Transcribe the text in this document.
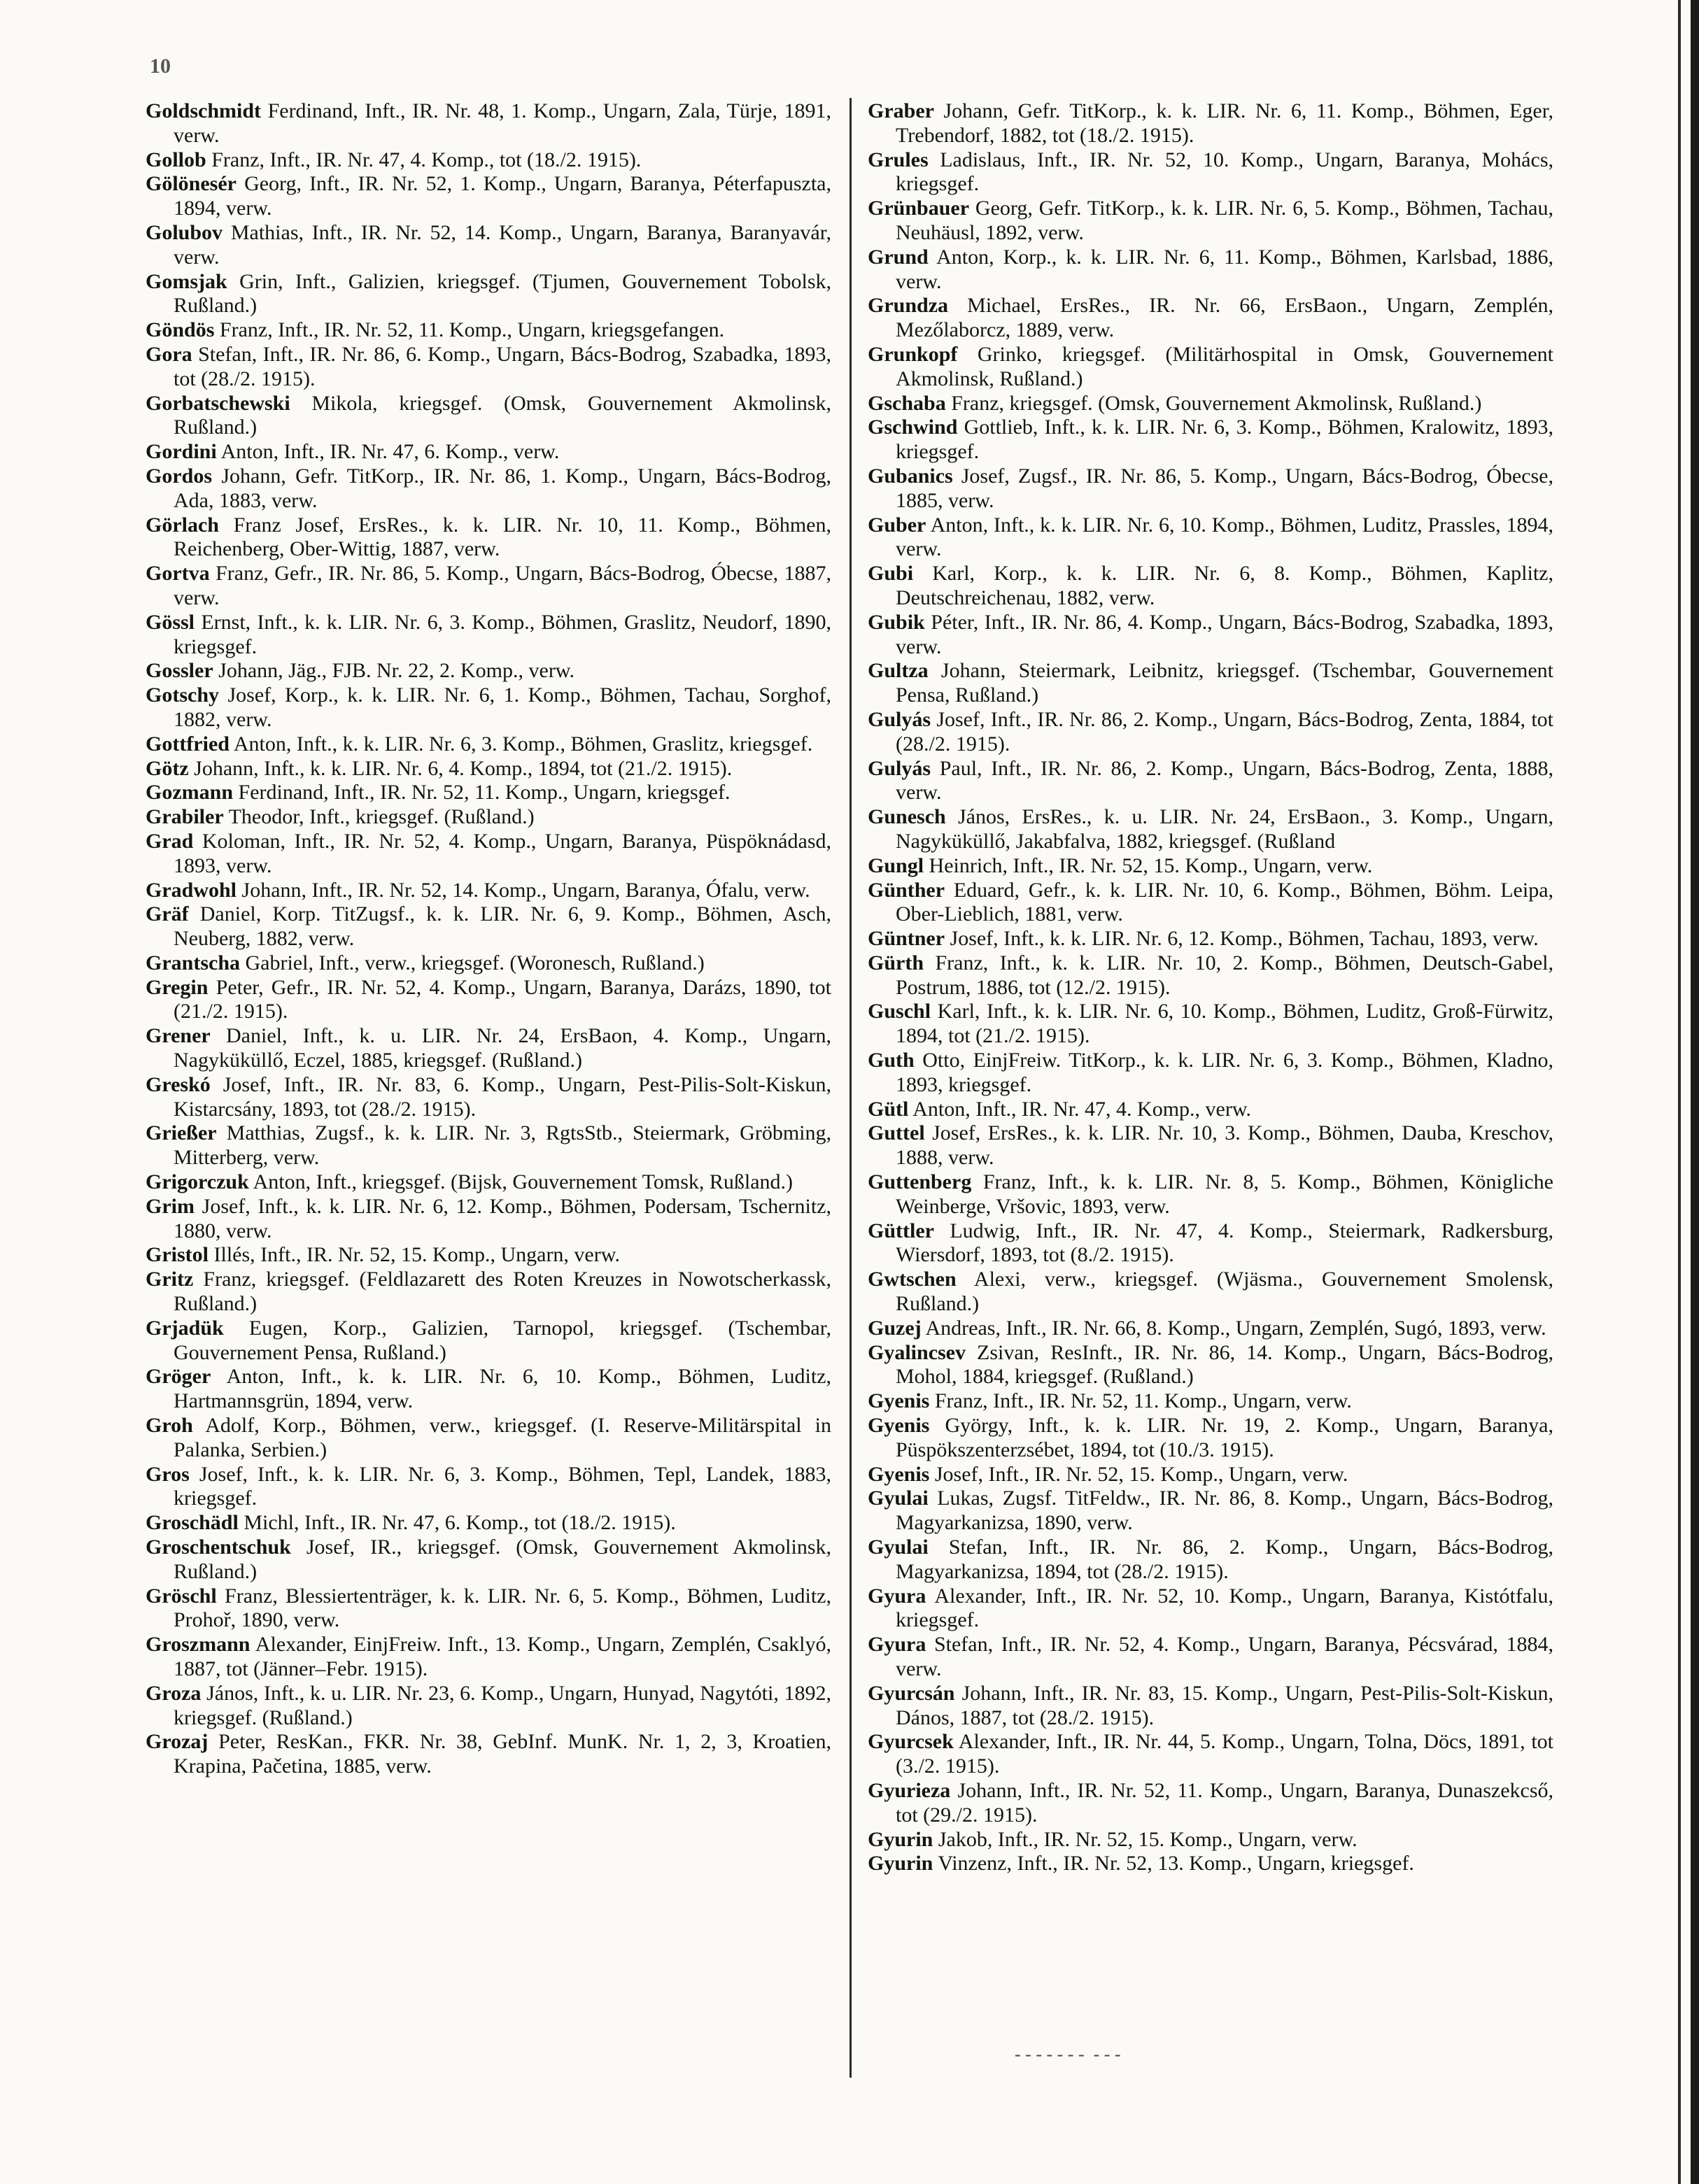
10

Goldschmidt Ferdinand, Inft., IR. Nr. 48, 1. Komp., Ungarn, Zala, Türje, 1891, verw.

Gollob Franz, Inft., IR. Nr. 47, 4. Komp., tot (18./2. 1915).

Gölönesér Georg, Inft., IR. Nr. 52, 1. Komp., Ungarn, Baranya, Péterfapuszta, 1894, verw.

Golubov Mathias, Inft., IR. Nr. 52, 14. Komp., Ungarn, Baranya, Baranyavár, verw.

Gomsjak Grin, Inft., Galizien, kriegsgef. (Tjumen, Gouvernement Tobolsk, Rußland.)

Göndös Franz, Inft., IR. Nr. 52, 11. Komp., Ungarn, kriegsgefangen.

Gora Stefan, Inft., IR. Nr. 86, 6. Komp., Ungarn, Bács-Bodrog, Szabadka, 1893, tot (28./2. 1915).

Gorbatschewski Mikola, kriegsgef. (Omsk, Gouvernement Akmolinsk, Rußland.)

Gordini Anton, Inft., IR. Nr. 47, 6. Komp., verw.

Gordos Johann, Gefr. TitKorp., IR. Nr. 86, 1. Komp., Ungarn, Bács-Bodrog, Ada, 1883, verw.

Görlach Franz Josef, ErsRes., k. k. LIR. Nr. 10, 11. Komp., Böhmen, Reichenberg, Ober-Wittig, 1887, verw.

Gortva Franz, Gefr., IR. Nr. 86, 5. Komp., Ungarn, Bács-Bodrog, Óbecse, 1887, verw.

Gössl Ernst, Inft., k. k. LIR. Nr. 6, 3. Komp., Böhmen, Graslitz, Neudorf, 1890, kriegsgef.

Gossler Johann, Jäg., FJB. Nr. 22, 2. Komp., verw.

Gotschy Josef, Korp., k. k. LIR. Nr. 6, 1. Komp., Böhmen, Tachau, Sorghof, 1882, verw.

Gottfried Anton, Inft., k. k. LIR. Nr. 6, 3. Komp., Böhmen, Graslitz, kriegsgef.

Götz Johann, Inft., k. k. LIR. Nr. 6, 4. Komp., 1894, tot (21./2. 1915).

Gozmann Ferdinand, Inft., IR. Nr. 52, 11. Komp., Ungarn, kriegsgef.

Grabiler Theodor, Inft., kriegsgef. (Rußland.)

Grad Koloman, Inft., IR. Nr. 52, 4. Komp., Ungarn, Baranya, Püspöknádasd, 1893, verw.

Gradwohl Johann, Inft., IR. Nr. 52, 14. Komp., Ungarn, Baranya, Ófalu, verw.

Gräf Daniel, Korp. TitZugsf., k. k. LIR. Nr. 6, 9. Komp., Böhmen, Asch, Neuberg, 1882, verw.

Grantscha Gabriel, Inft., verw., kriegsgef. (Woronesch, Rußland.)

Gregin Peter, Gefr., IR. Nr. 52, 4. Komp., Ungarn, Baranya, Darázs, 1890, tot (21./2. 1915).

Grener Daniel, Inft., k. u. LIR. Nr. 24, ErsBaon, 4. Komp., Ungarn, Nagyküküllő, Eczel, 1885, kriegsgef. (Rußland.)

Greskó Josef, Inft., IR. Nr. 83, 6. Komp., Ungarn, Pest-Pilis-Solt-Kiskun, Kistarcsány, 1893, tot (28./2. 1915).

Grießer Matthias, Zugsf., k. k. LIR. Nr. 3, RgtsStb., Steiermark, Gröbming, Mitterberg, verw.

Grigorczuk Anton, Inft., kriegsgef. (Bijsk, Gouvernement Tomsk, Rußland.)

Grim Josef, Inft., k. k. LIR. Nr. 6, 12. Komp., Böhmen, Podersam, Tschernitz, 1880, verw.

Gristol Illés, Inft., IR. Nr. 52, 15. Komp., Ungarn, verw.

Gritz Franz, kriegsgef. (Feldlazarett des Roten Kreuzes in Nowotscherkassk, Rußland.)

Grjadük Eugen, Korp., Galizien, Tarnopol, kriegsgef. (Tschembar, Gouvernement Pensa, Rußland.)

Gröger Anton, Inft., k. k. LIR. Nr. 6, 10. Komp., Böhmen, Luditz, Hartmannsgrün, 1894, verw.

Groh Adolf, Korp., Böhmen, verw., kriegsgef. (I. Reserve-Militärspital in Palanka, Serbien.)

Gros Josef, Inft., k. k. LIR. Nr. 6, 3. Komp., Böhmen, Tepl, Landek, 1883, kriegsgef.

Groschädl Michl, Inft., IR. Nr. 47, 6. Komp., tot (18./2. 1915).

Groschentschuk Josef, IR., kriegsgef. (Omsk, Gouvernement Akmolinsk, Rußland.)

Gröschl Franz, Blessiertenträger, k. k. LIR. Nr. 6, 5. Komp., Böhmen, Luditz, Prohoř, 1890, verw.

Groszmann Alexander, EinjFreiw. Inft., 13. Komp., Ungarn, Zemplén, Csaklyó, 1887, tot (Jänner–Febr. 1915).

Groza János, Inft., k. u. LIR. Nr. 23, 6. Komp., Ungarn, Hunyad, Nagytóti, 1892, kriegsgef. (Rußland.)

Grozaj Peter, ResKan., FKR. Nr. 38, GebInf. MunK. Nr. 1, 2, 3, Kroatien, Krapina, Pačetina, 1885, verw.

Graber Johann, Gefr. TitKorp., k. k. LIR. Nr. 6, 11. Komp., Böhmen, Eger, Trebendorf, 1882, tot (18./2. 1915).

Grules Ladislaus, Inft., IR. Nr. 52, 10. Komp., Ungarn, Baranya, Mohács, kriegsgef.

Grünbauer Georg, Gefr. TitKorp., k. k. LIR. Nr. 6, 5. Komp., Böhmen, Tachau, Neuhäusl, 1892, verw.

Grund Anton, Korp., k. k. LIR. Nr. 6, 11. Komp., Böhmen, Karlsbad, 1886, verw.

Grundza Michael, ErsRes., IR. Nr. 66, ErsBaon., Ungarn, Zemplén, Mezőlaborcz, 1889, verw.

Grunkopf Grinko, kriegsgef. (Militärhospital in Omsk, Gouvernement Akmolinsk, Rußland.)

Gschaba Franz, kriegsgef. (Omsk, Gouvernement Akmolinsk, Rußland.)

Gschwind Gottlieb, Inft., k. k. LIR. Nr. 6, 3. Komp., Böhmen, Kralowitz, 1893, kriegsgef.

Gubanics Josef, Zugsf., IR. Nr. 86, 5. Komp., Ungarn, Bács-Bodrog, Óbecse, 1885, verw.

Guber Anton, Inft., k. k. LIR. Nr. 6, 10. Komp., Böhmen, Luditz, Prassles, 1894, verw.

Gubi Karl, Korp., k. k. LIR. Nr. 6, 8. Komp., Böhmen, Kaplitz, Deutschreichenau, 1882, verw.

Gubik Péter, Inft., IR. Nr. 86, 4. Komp., Ungarn, Bács-Bodrog, Szabadka, 1893, verw.

Gultza Johann, Steiermark, Leibnitz, kriegsgef. (Tschembar, Gouvernement Pensa, Rußland.)

Gulyás Josef, Inft., IR. Nr. 86, 2. Komp., Ungarn, Bács-Bodrog, Zenta, 1884, tot (28./2. 1915).

Gulyás Paul, Inft., IR. Nr. 86, 2. Komp., Ungarn, Bács-Bodrog, Zenta, 1888, verw.

Gunesch János, ErsRes., k. u. LIR. Nr. 24, ErsBaon., 3. Komp., Ungarn, Nagyküküllő, Jakabfalva, 1882, kriegsgef. (Rußland

Gungl Heinrich, Inft., IR. Nr. 52, 15. Komp., Ungarn, verw.

Günther Eduard, Gefr., k. k. LIR. Nr. 10, 6. Komp., Böhmen, Böhm. Leipa, Ober-Lieblich, 1881, verw.

Güntner Josef, Inft., k. k. LIR. Nr. 6, 12. Komp., Böhmen, Tachau, 1893, verw.

Gürth Franz, Inft., k. k. LIR. Nr. 10, 2. Komp., Böhmen, Deutsch-Gabel, Postrum, 1886, tot (12./2. 1915).

Guschl Karl, Inft., k. k. LIR. Nr. 6, 10. Komp., Böhmen, Luditz, Groß-Fürwitz, 1894, tot (21./2. 1915).

Guth Otto, EinjFreiw. TitKorp., k. k. LIR. Nr. 6, 3. Komp., Böhmen, Kladno, 1893, kriegsgef.

Gütl Anton, Inft., IR. Nr. 47, 4. Komp., verw.

Guttel Josef, ErsRes., k. k. LIR. Nr. 10, 3. Komp., Böhmen, Dauba, Kreschov, 1888, verw.

Guttenberg Franz, Inft., k. k. LIR. Nr. 8, 5. Komp., Böhmen, Königliche Weinberge, Vršovic, 1893, verw.

Güttler Ludwig, Inft., IR. Nr. 47, 4. Komp., Steiermark, Radkersburg, Wiersdorf, 1893, tot (8./2. 1915).

Gwtschen Alexi, verw., kriegsgef. (Wjäsma., Gouvernement Smolensk, Rußland.)

Guzej Andreas, Inft., IR. Nr. 66, 8. Komp., Ungarn, Zemplén, Sugó, 1893, verw.

Gyalincsev Zsivan, ResInft., IR. Nr. 86, 14. Komp., Ungarn, Bács-Bodrog, Mohol, 1884, kriegsgef. (Rußland.)

Gyenis Franz, Inft., IR. Nr. 52, 11. Komp., Ungarn, verw.

Gyenis György, Inft., k. k. LIR. Nr. 19, 2. Komp., Ungarn, Baranya, Püspökszenterzsébet, 1894, tot (10./3. 1915).

Gyenis Josef, Inft., IR. Nr. 52, 15. Komp., Ungarn, verw.

Gyulai Lukas, Zugsf. TitFeldw., IR. Nr. 86, 8. Komp., Ungarn, Bács-Bodrog, Magyarkanizsa, 1890, verw.

Gyulai Stefan, Inft., IR. Nr. 86, 2. Komp., Ungarn, Bács-Bodrog, Magyarkanizsa, 1894, tot (28./2. 1915).

Gyura Alexander, Inft., IR. Nr. 52, 10. Komp., Ungarn, Baranya, Kistótfalu, kriegsgef.

Gyura Stefan, Inft., IR. Nr. 52, 4. Komp., Ungarn, Baranya, Pécsvárad, 1884, verw.

Gyurcsán Johann, Inft., IR. Nr. 83, 15. Komp., Ungarn, Pest-Pilis-Solt-Kiskun, Dános, 1887, tot (28./2. 1915).

Gyurcsek Alexander, Inft., IR. Nr. 44, 5. Komp., Ungarn, Tolna, Döcs, 1891, tot (3./2. 1915).

Gyurieza Johann, Inft., IR. Nr. 52, 11. Komp., Ungarn, Baranya, Dunaszekcső, tot (29./2. 1915).

Gyurin Jakob, Inft., IR. Nr. 52, 15. Komp., Ungarn, verw.

Gyurin Vinzenz, Inft., IR. Nr. 52, 13. Komp., Ungarn, kriegsgef.

- - - - - - -  - - -
